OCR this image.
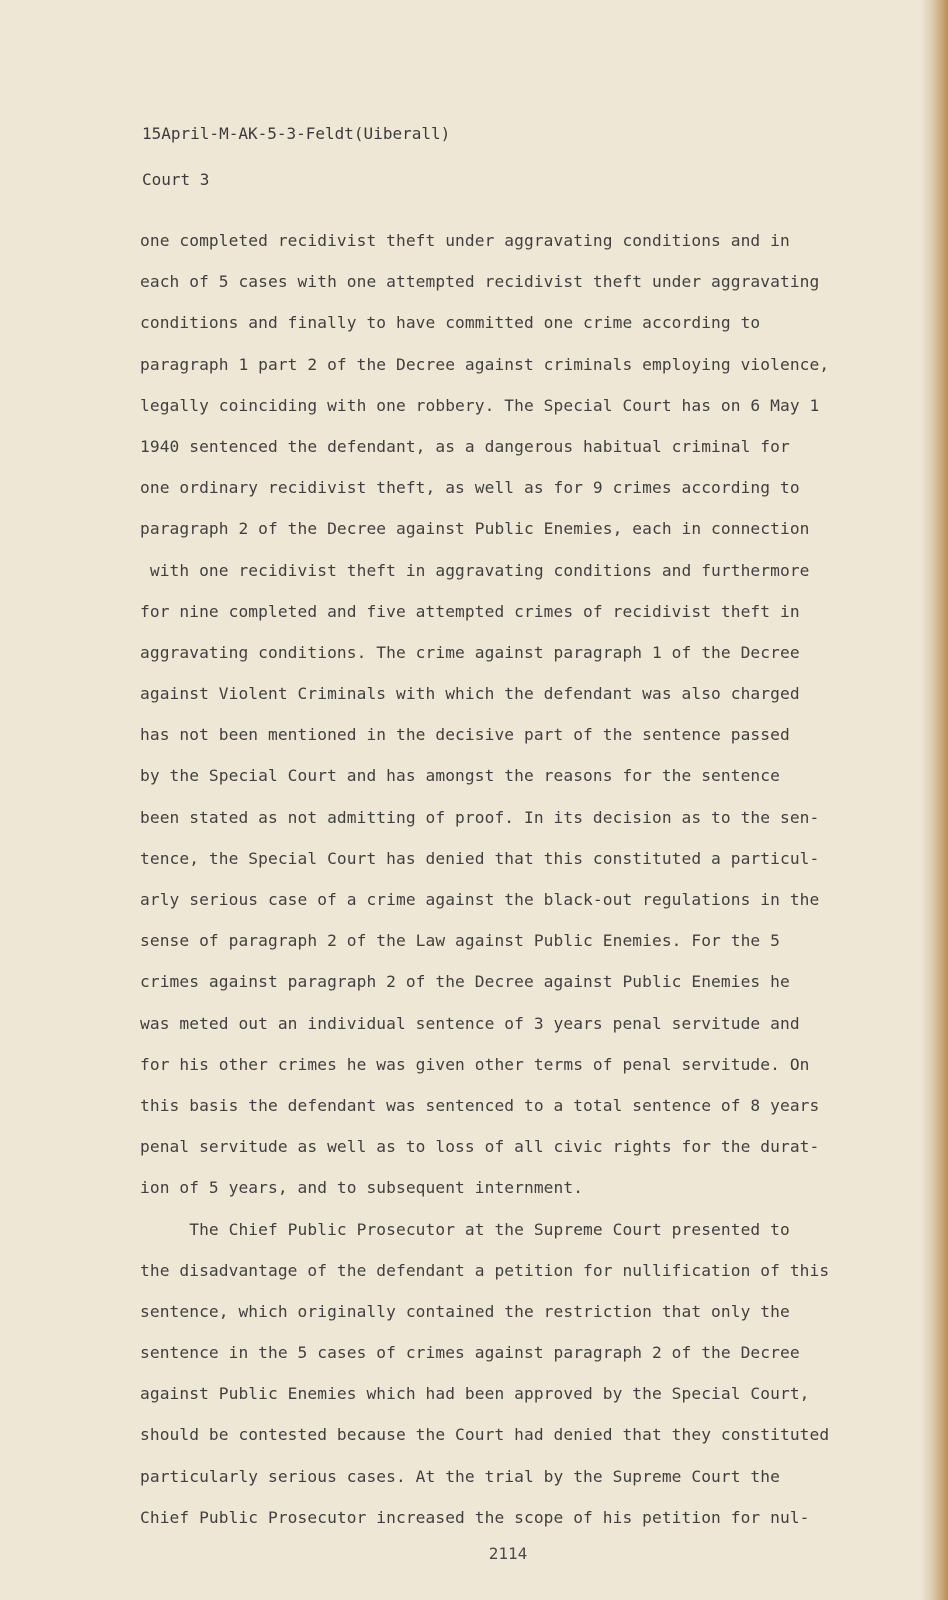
15April-M-AK-5-3-Feldt(Uiberall)
Court 3
one completed recidivist theft under aggravating conditions and in
each of 5 cases with one attempted recidivist theft under aggravating
conditions and finally to have committed one crime according to
paragraph 1 part 2 of the Decree against criminals employing violence,
legally coinciding with one robbery. The Special Court has on 6 May 1
1940 sentenced the defendant, as a dangerous habitual criminal for
one ordinary recidivist theft, as well as for 9 crimes according to
paragraph 2 of the Decree against Public Enemies, each in connection
with one recidivist theft in aggravating conditions and furthermore
for nine completed and five attempted crimes of recidivist theft in
aggravating conditions. The crime against paragraph 1 of the Decree
against Violent Criminals with which the defendant was also charged
has not been mentioned in the decisive part of the sentence passed
by the Special Court and has amongst the reasons for the sentence
been stated as not admitting of proof. In its decision as to the sen-
tence, the Special Court has denied that this constituted a particul-
arly serious case of a crime against the black-out regulations in the
sense of paragraph 2 of the Law against Public Enemies. For the 5
crimes against paragraph 2 of the Decree against Public Enemies he
was meted out an individual sentence of 3 years penal servitude and
for his other crimes he was given other terms of penal servitude. On
this basis the defendant was sentenced to a total sentence of 8 years
penal servitude as well as to loss of all civic rights for the durat-
ion of 5 years, and to subsequent internment.
The Chief Public Prosecutor at the Supreme Court presented to
the disadvantage of the defendant a petition for nullification of this
sentence, which originally contained the restriction that only the
sentence in the 5 cases of crimes against paragraph 2 of the Decree
against Public Enemies which had been approved by the Special Court,
should be contested because the Court had denied that they constituted
particularly serious cases. At the trial by the Supreme Court the
Chief Public Prosecutor increased the scope of his petition for nul-
2114
